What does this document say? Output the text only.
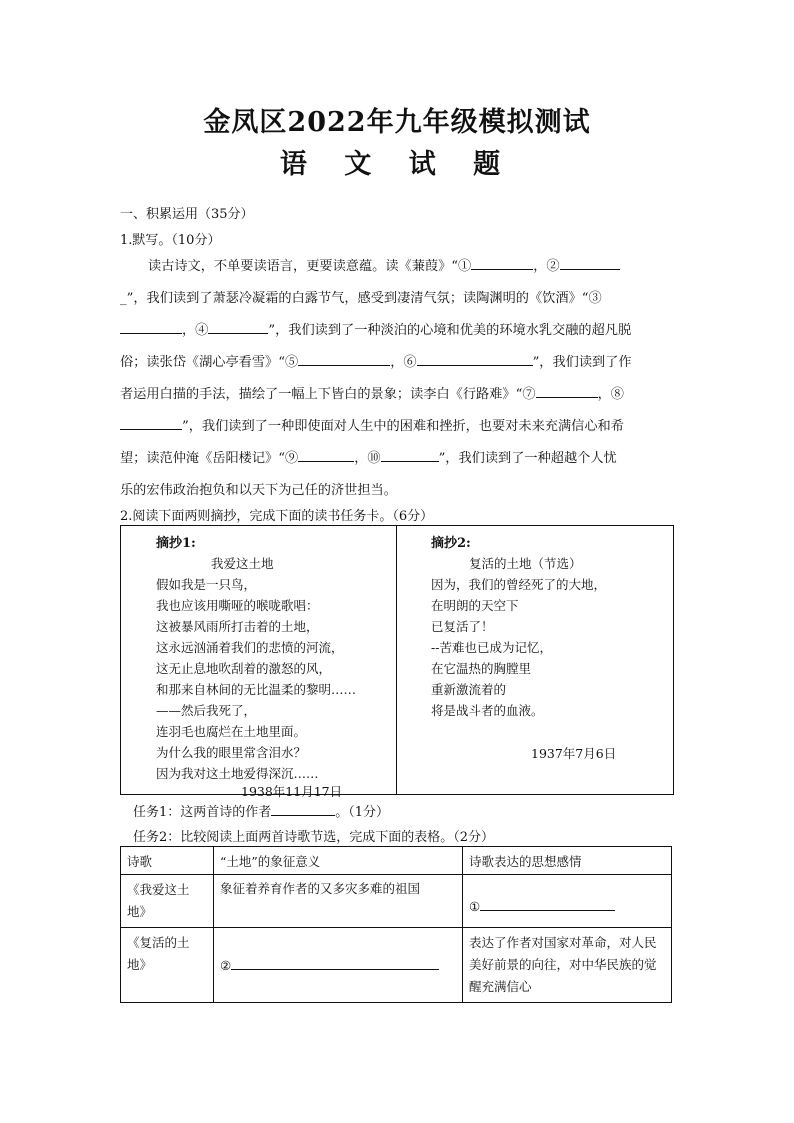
金凤区2022年九年级模拟测试
语 文 试 题
一、积累运用（35分）
1.默写。（10分）
读古诗文，不单要读语言，更要读意蕴。读《蒹葭》“①	，②
_”，我们读到了萧瑟冷凝霜的白露节气，感受到凄清气氛；读陶渊明的《饮酒》“③
，④	”，我们读到了一种淡泊的心境和优美的环境水乳交融的超凡脱
俗；读张岱《湖心亭看雪》“⑤	，⑥	”，我们读到了作
者运用白描的手法，描绘了一幅上下皆白的景象；读李白《行路难》“⑦	，⑧
”，我们读到了一种即使面对人生中的困难和挫折，也要对未来充满信心和希
望；读范仲淹《岳阳楼记》“⑨	，⑩	”，我们读到了一种超越个人忧
乐的宏伟政治抱负和以天下为己任的济世担当。
2.阅读下面两则摘抄，完成下面的读书任务卡。（6分）
摘抄1:
我爱这土地
假如我是一只鸟，
我也应该用嘶哑的喉咙歌唱：
这被暴风雨所打击着的土地，
这永远汹涌着我们的悲愤的河流，
这无止息地吹刮着的激怒的风，
和那来自林间的无比温柔的黎明……
——然后我死了，
连羽毛也腐烂在土地里面。
为什么我的眼里常含泪水？
因为我对这土地爱得深沉……
1938年11月17日
摘抄2:
复活的土地（节选）
因为，我们的曾经死了的大地，
在明朗的天空下
已复活了！
--苦难也已成为记忆，
在它温热的胸膛里
重新激流着的
将是战斗者的血液。
1937年7月6日
任务1：这两首诗的作者	。（1分）
任务2：比较阅读上面两首诗歌节选，完成下面的表格。（2分）
诗歌	“土地”的象征意义	诗歌表达的思想感情
《我爱这土地》	象征着养育作者的又多灾多难的祖国	①

《复活的土地》	②	表达了作者对国家对革命，对人民美好前景的向往，对中华民族的觉醒充满信心
